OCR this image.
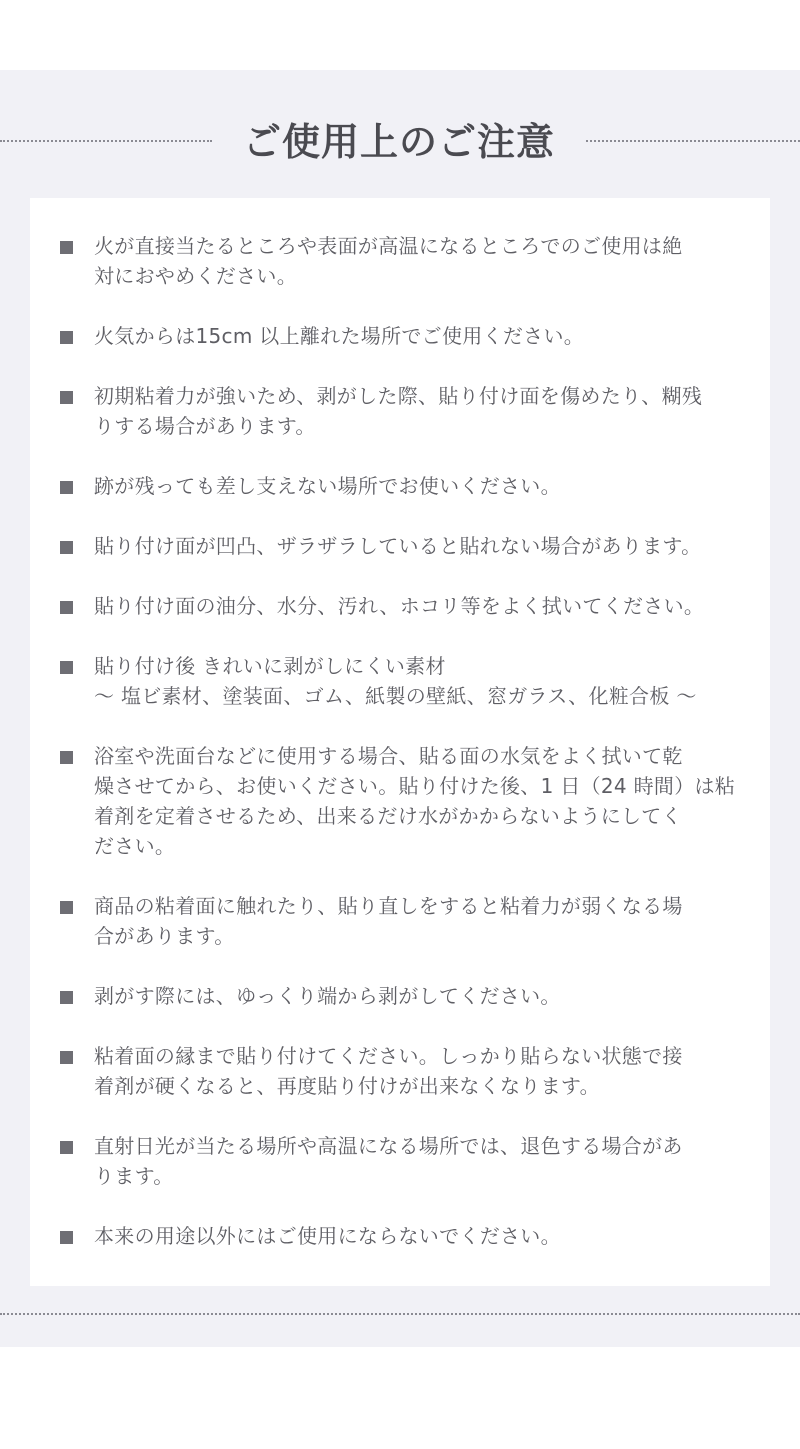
ご使用上のご注意
火が直接当たるところや表面が高温になるところでのご使用は絶
対におやめください。
火気からは15cm 以上離れた場所でご使用ください。
初期粘着力が強いため、剥がした際、貼り付け面を傷めたり、糊残
りする場合があります。
跡が残っても差し支えない場所でお使いください。
貼り付け面が凹凸、ザラザラしていると貼れない場合があります。
貼り付け面の油分、水分、汚れ、ホコリ等をよく拭いてください。
貼り付け後 きれいに剥がしにくい素材
〜 塩ビ素材、塗装面、ゴム、紙製の壁紙、窓ガラス、化粧合板 〜
浴室や洗面台などに使用する場合、貼る面の水気をよく拭いて乾
燥させてから、お使いください。貼り付けた後、1 日（24 時間）は粘
着剤を定着させるため、出来るだけ水がかからないようにしてく
ださい。
商品の粘着面に触れたり、貼り直しをすると粘着力が弱くなる場
合があります。
剥がす際には、ゆっくり端から剥がしてください。
粘着面の縁まで貼り付けてください。しっかり貼らない状態で接
着剤が硬くなると、再度貼り付けが出来なくなります。
直射日光が当たる場所や高温になる場所では、退色する場合があ
ります。
本来の用途以外にはご使用にならないでください。
